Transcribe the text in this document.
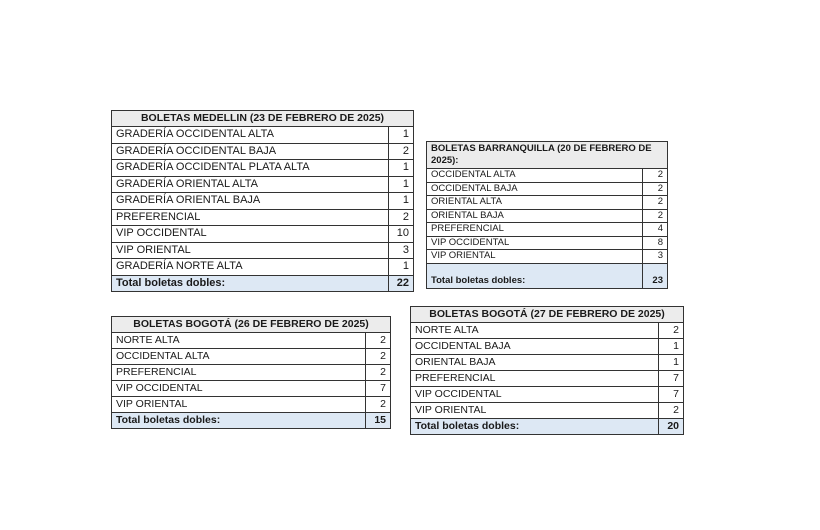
BOLETAS MEDELLIN (23 DE FEBRERO DE 2025)	
GRADERÍA OCCIDENTAL ALTA	1
GRADERÍA OCCIDENTAL BAJA	2
GRADERÍA OCCIDENTAL PLATA ALTA	1
GRADERÍA ORIENTAL ALTA	1
GRADERÍA ORIENTAL BAJA	1
PREFERENCIAL	2
VIP OCCIDENTAL	10
VIP ORIENTAL	3
GRADERÍA NORTE ALTA	1
Total boletas dobles:	22
BOLETAS BARRANQUILLA (20 DE FEBRERO DE 2025):	
OCCIDENTAL ALTA	2
OCCIDENTAL BAJA	2
ORIENTAL ALTA	2
ORIENTAL BAJA	2
PREFERENCIAL	4
VIP OCCIDENTAL	8
VIP ORIENTAL	3
Total boletas dobles:	23
BOLETAS BOGOTÁ (26 DE FEBRERO DE 2025)	
NORTE ALTA	2
OCCIDENTAL ALTA	2
PREFERENCIAL	2
VIP OCCIDENTAL	7
VIP ORIENTAL	2
Total boletas dobles:	15
BOLETAS BOGOTÁ (27 DE FEBRERO DE 2025)	
NORTE ALTA	2
OCCIDENTAL BAJA	1
ORIENTAL BAJA	1
PREFERENCIAL	7
VIP OCCIDENTAL	7
VIP ORIENTAL	2
Total boletas dobles:	20
